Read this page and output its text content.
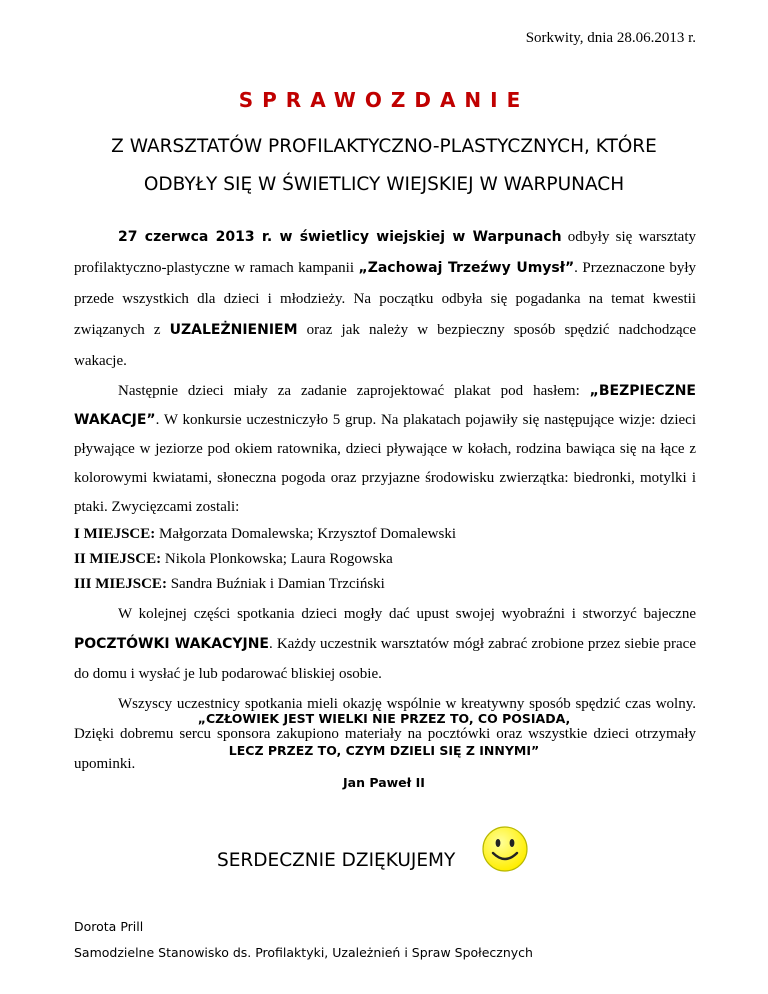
Sorkwity, dnia 28.06.2013 r.
SPRAWOZDANIE
Z WARSZTATÓW PROFILAKTYCZNO-PLASTYCZNYCH, KTÓRE
ODBYŁY SIĘ W ŚWIETLICY WIEJSKIEJ W WARPUNACH

27 czerwca 2013 r. w świetlicy wiejskiej w Warpunach odbyły się warsztaty profilaktyczno-plastyczne w ramach kampanii „Zachowaj Trzeźwy Umysł”. Przeznaczone były przede wszystkich dla dzieci i młodzieży. Na początku odbyła się pogadanka na temat kwestii związanych z UZALEŻNIENIEM oraz jak należy w bezpieczny sposób spędzić nadchodzące wakacje.

Następnie dzieci miały za zadanie zaprojektować plakat pod hasłem: „BEZPIECZNE WAKACJE”. W konkursie uczestniczyło 5 grup. Na plakatach pojawiły się następujące wizje: dzieci pływające w jeziorze pod okiem ratownika, dzieci pływające w kołach, rodzina bawiąca się na łące z kolorowymi kwiatami, słoneczna pogoda oraz przyjazne środowisku zwierzątka: biedronki, motylki i ptaki. Zwycięzcami zostali:

I MIEJSCE: Małgorzata Domalewska; Krzysztof Domalewski
II MIEJSCE: Nikola Plonkowska; Laura Rogowska
III MIEJSCE: Sandra Buźniak i Damian Trzciński

W kolejnej części spotkania dzieci mogły dać upust swojej wyobraźni i stworzyć bajeczne POCZTÓWKI WAKACYJNE. Każdy uczestnik warsztatów mógł zabrać zrobione przez siebie prace do domu i wysłać je lub podarować bliskiej osobie.

Wszyscy uczestnicy spotkania mieli okazję wspólnie w kreatywny sposób spędzić czas wolny. Dzięki dobremu sercu sponsora zakupiono materiały na pocztówki oraz wszystkie dzieci otrzymały upominki.

„CZŁOWIEK JEST WIELKI NIE PRZEZ TO, CO POSIADA,
LECZ PRZEZ TO, CZYM DZIELI SIĘ Z INNYMI”
Jan Paweł II
SERDECZNIE DZIĘKUJEMY
Dorota Prill
Samodzielne Stanowisko ds. Profilaktyki, Uzależnień i Spraw Społecznych
